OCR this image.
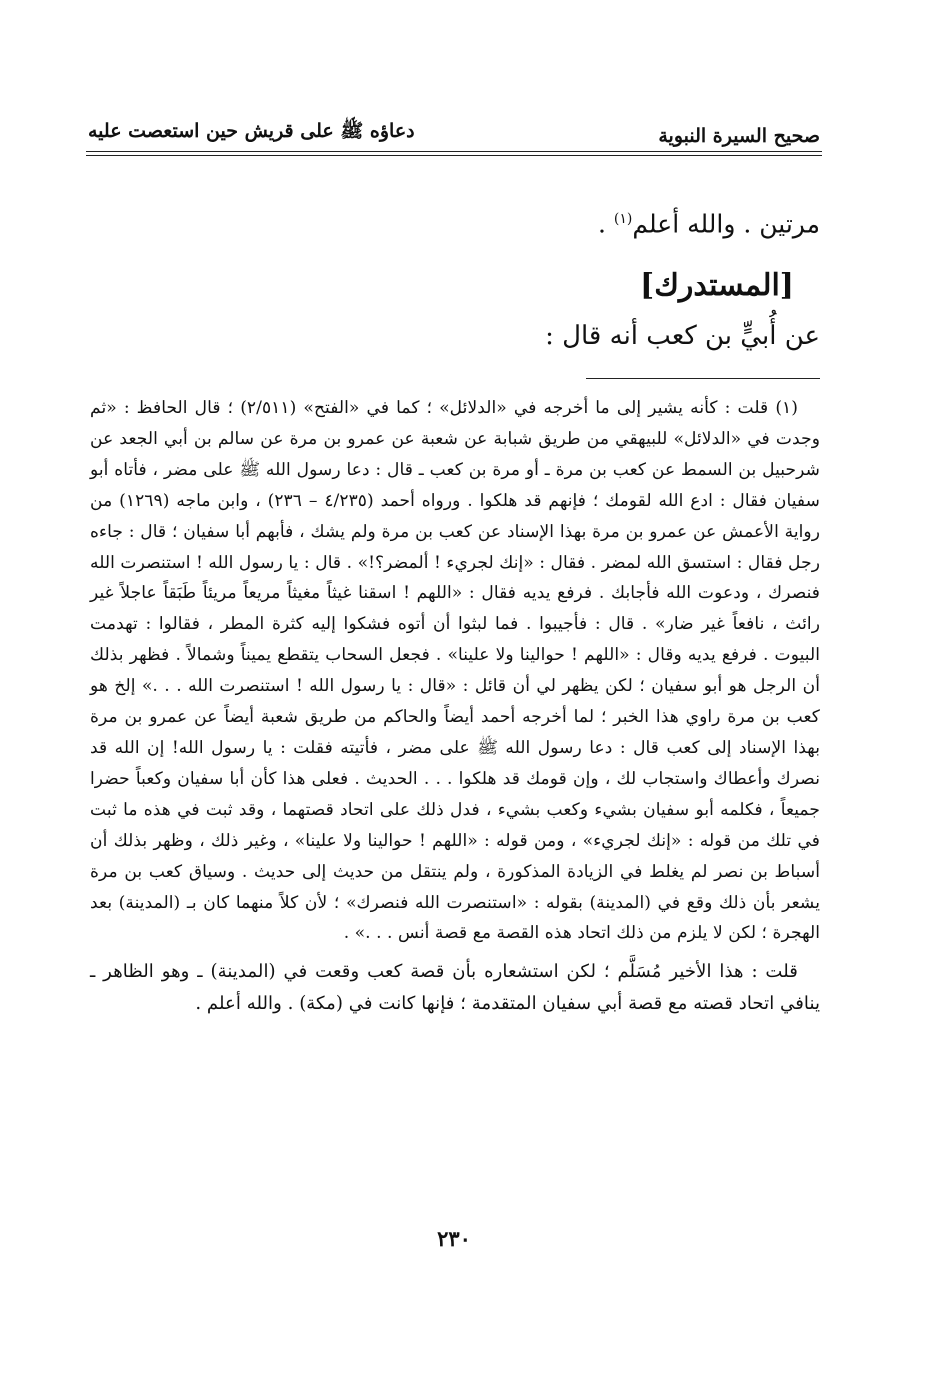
صحيح السيرة النبوية
دعاؤه ﷺ على قريش حين استعصت عليه

مرتين . والله أعلم$^{(١)}$ .

[المستدرك]

عن أُبيٍّ بن كعب أنه قال :

(١) قلت : كأنه يشير إلى ما أخرجه في «الدلائل» ؛ كما في «الفتح» (٢/٥١١) ؛ قال الحافظ : «ثم وجدت في «الدلائل» للبيهقي من طريق شبابة عن شعبة عن عمرو بن مرة عن سالم بن أبي الجعد عن شرحبيل بن السمط عن كعب بن مرة ـ أو مرة بن كعب ـ قال : دعا رسول الله ﷺ على مضر ، فأتاه أبو سفيان فقال : ادع الله لقومك ؛ فإنهم قد هلكوا . ورواه أحمد (٤/٢٣٥ – ٢٣٦) ، وابن ماجه (١٢٦٩) من رواية الأعمش عن عمرو بن مرة بهذا الإسناد عن كعب بن مرة ولم يشك ، فأبهم أبا سفيان ؛ قال : جاءه رجل فقال : استسق الله لمضر . فقال : «إنك لجريء ! ألمضر؟!» . قال : يا رسول الله ! استنصرت الله فنصرك ، ودعوت الله فأجابك . فرفع يديه فقال : «اللهم ! اسقنا غيثاً مغيثاً مريعاً مريئاً طَبَقاً عاجلاً غير رائث ، نافعاً غير ضار» . قال : فأجيبوا . فما لبثوا أن أتوه فشكوا إليه كثرة المطر ، فقالوا : تهدمت البيوت . فرفع يديه وقال : «اللهم ! حوالينا ولا علينا» . فجعل السحاب يتقطع يميناً وشمالاً . فظهر بذلك أن الرجل هو أبو سفيان ؛ لكن يظهر لي أن قائل : «قال : يا رسول الله ! استنصرت الله . . .» إلخ هو كعب بن مرة راوي هذا الخبر ؛ لما أخرجه أحمد أيضاً والحاكم من طريق شعبة أيضاً عن عمرو بن مرة بهذا الإسناد إلى كعب قال : دعا رسول الله ﷺ على مضر ، فأتيته فقلت : يا رسول الله! إن الله قد نصرك وأعطاك واستجاب لك ، وإن قومك قد هلكوا . . . الحديث . فعلى هذا كأن أبا سفيان وكعباً حضرا جميعاً ، فكلمه أبو سفيان بشيء وكعب بشيء ، فدل ذلك على اتحاد قصتهما ، وقد ثبت في هذه ما ثبت في تلك من قوله : «إنك لجريء» ، ومن قوله : «اللهم ! حوالينا ولا علينا» ، وغير ذلك ، وظهر بذلك أن أسباط بن نصر لم يغلط في الزيادة المذكورة ، ولم ينتقل من حديث إلى حديث . وسياق كعب بن مرة يشعر بأن ذلك وقع في (المدينة) بقوله : «استنصرت الله فنصرك» ؛ لأن كلاً منهما كان بـ (المدينة) بعد الهجرة ؛ لكن لا يلزم من ذلك اتحاد هذه القصة مع قصة أنس . . .» .

قلت : هذا الأخير مُسَلَّم ؛ لكن استشعاره بأن قصة كعب وقعت في (المدينة) ـ وهو الظاهر ـ ينافي اتحاد قصته مع قصة أبي سفيان المتقدمة ؛ فإنها كانت في (مكة) . والله أعلم .

٢٣٠
